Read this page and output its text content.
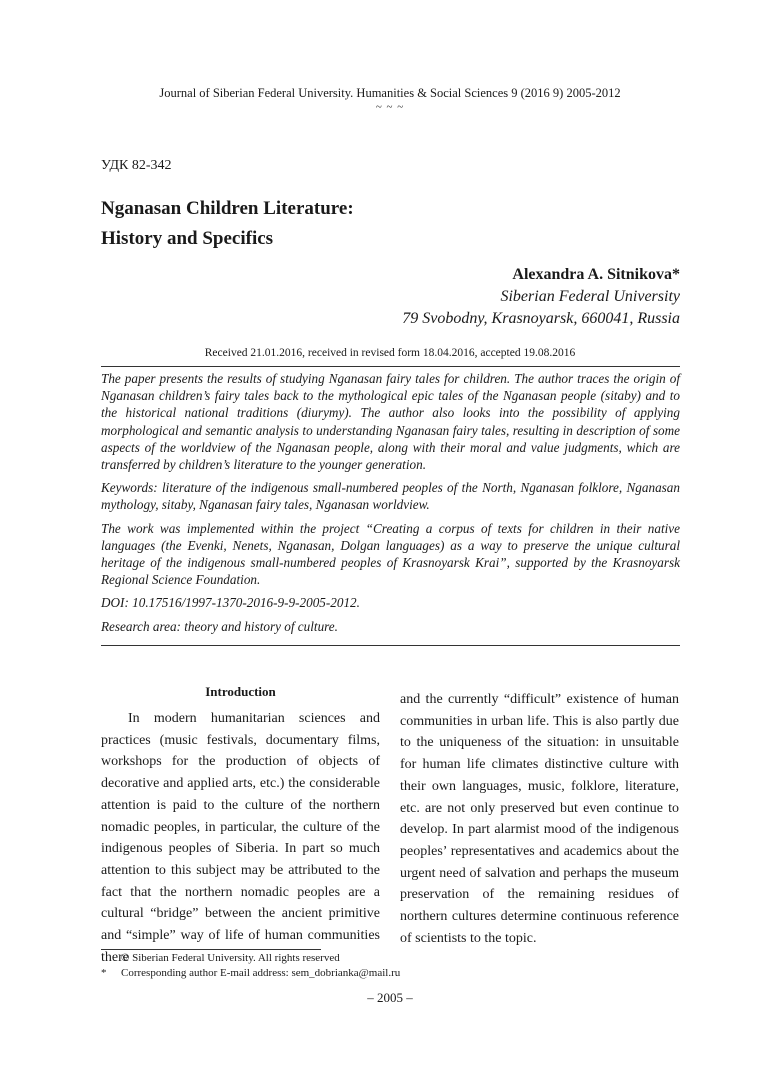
Journal of Siberian Federal University. Humanities & Social Sciences 9 (2016 9) 2005-2012
~ ~ ~
УДК 82-342
Nganasan Children Literature:
History and Specifics
Alexandra A. Sitnikova*
Siberian Federal University
79 Svobodny, Krasnoyarsk, 660041, Russia
Received 21.01.2016, received in revised form 18.04.2016, accepted 19.08.2016

The paper presents the results of studying Nganasan fairy tales for children. The author traces the origin of Nganasan children’s fairy tales back to the mythological epic tales of the Nganasan people (sitaby) and to the historical national traditions (diurymy). The author also looks into the possibility of applying morphological and semantic analysis to understanding Nganasan fairy tales, resulting in description of some aspects of the worldview of the Nganasan people, along with their moral and value judgments, which are transferred by children’s literature to the younger generation.

Keywords: literature of the indigenous small-numbered peoples of the North, Nganasan folklore, Nganasan mythology, sitaby, Nganasan fairy tales, Nganasan worldview.

The work was implemented within the project “Creating a corpus of texts for children in their native languages (the Evenki, Nenets, Nganasan, Dolgan languages) as a way to preserve the unique cultural heritage of the indigenous small-numbered peoples of Krasnoyarsk Krai”, supported by the Krasnoyarsk Regional Science Foundation.

DOI: 10.17516/1997-1370-2016-9-9-2005-2012.

Research area: theory and history of culture.

Introduction

In modern humanitarian sciences and practices (music festivals, documentary films, workshops for the production of objects of decorative and applied arts, etc.) the considerable attention is paid to the culture of the northern nomadic peoples, in particular, the culture of the indigenous peoples of Siberia. In part so much attention to this subject may be attributed to the fact that the northern nomadic peoples are a cultural “bridge” between the ancient primitive and “simple” way of life of human communities there

and the currently “difficult” existence of human communities in urban life. This is also partly due to the uniqueness of the situation: in unsuitable for human life climates distinctive culture with their own languages, music, folklore, literature, etc. are not only preserved but even continue to develop. In part alarmist mood of the indigenous peoples’ representatives and academics about the urgent need of salvation and perhaps the museum preservation of the remaining residues of northern cultures determine continuous reference of scientists to the topic.

© Siberian Federal University. All rights reserved
*	Corresponding author E-mail address: sem_dobrianka@mail.ru
– 2005 –
